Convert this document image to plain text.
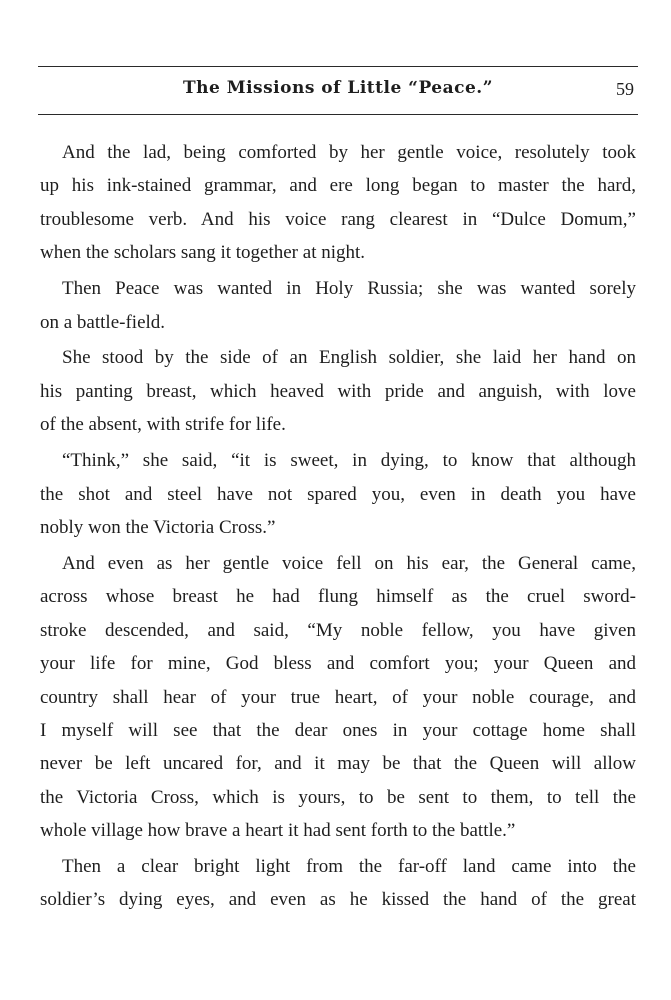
The Missions of Little “Peace.”	59
And the lad, being comforted by her gentle voice, resolutely took
up his ink-stained grammar, and ere long began to master the hard,
troublesome verb. And his voice rang clearest in “Dulce Domum,”
when the scholars sang it together at night.
Then Peace was wanted in Holy Russia; she was wanted sorely
on a battle-field.
She stood by the side of an English soldier, she laid her hand on
his panting breast, which heaved with pride and anguish, with love
of the absent, with strife for life.
“Think,” she said, “it is sweet, in dying, to know that although
the shot and steel have not spared you, even in death you have
nobly won the Victoria Cross.”
And even as her gentle voice fell on his ear, the General came,
across whose breast he had flung himself as the cruel sword-
stroke descended, and said, “My noble fellow, you have given
your life for mine, God bless and comfort you; your Queen and
country shall hear of your true heart, of your noble courage, and
I myself will see that the dear ones in your cottage home shall
never be left uncared for, and it may be that the Queen will allow
the Victoria Cross, which is yours, to be sent to them, to tell the
whole village how brave a heart it had sent forth to the battle.”
Then a clear bright light from the far-off land came into the
soldier’s dying eyes, and even as he kissed the hand of the great
